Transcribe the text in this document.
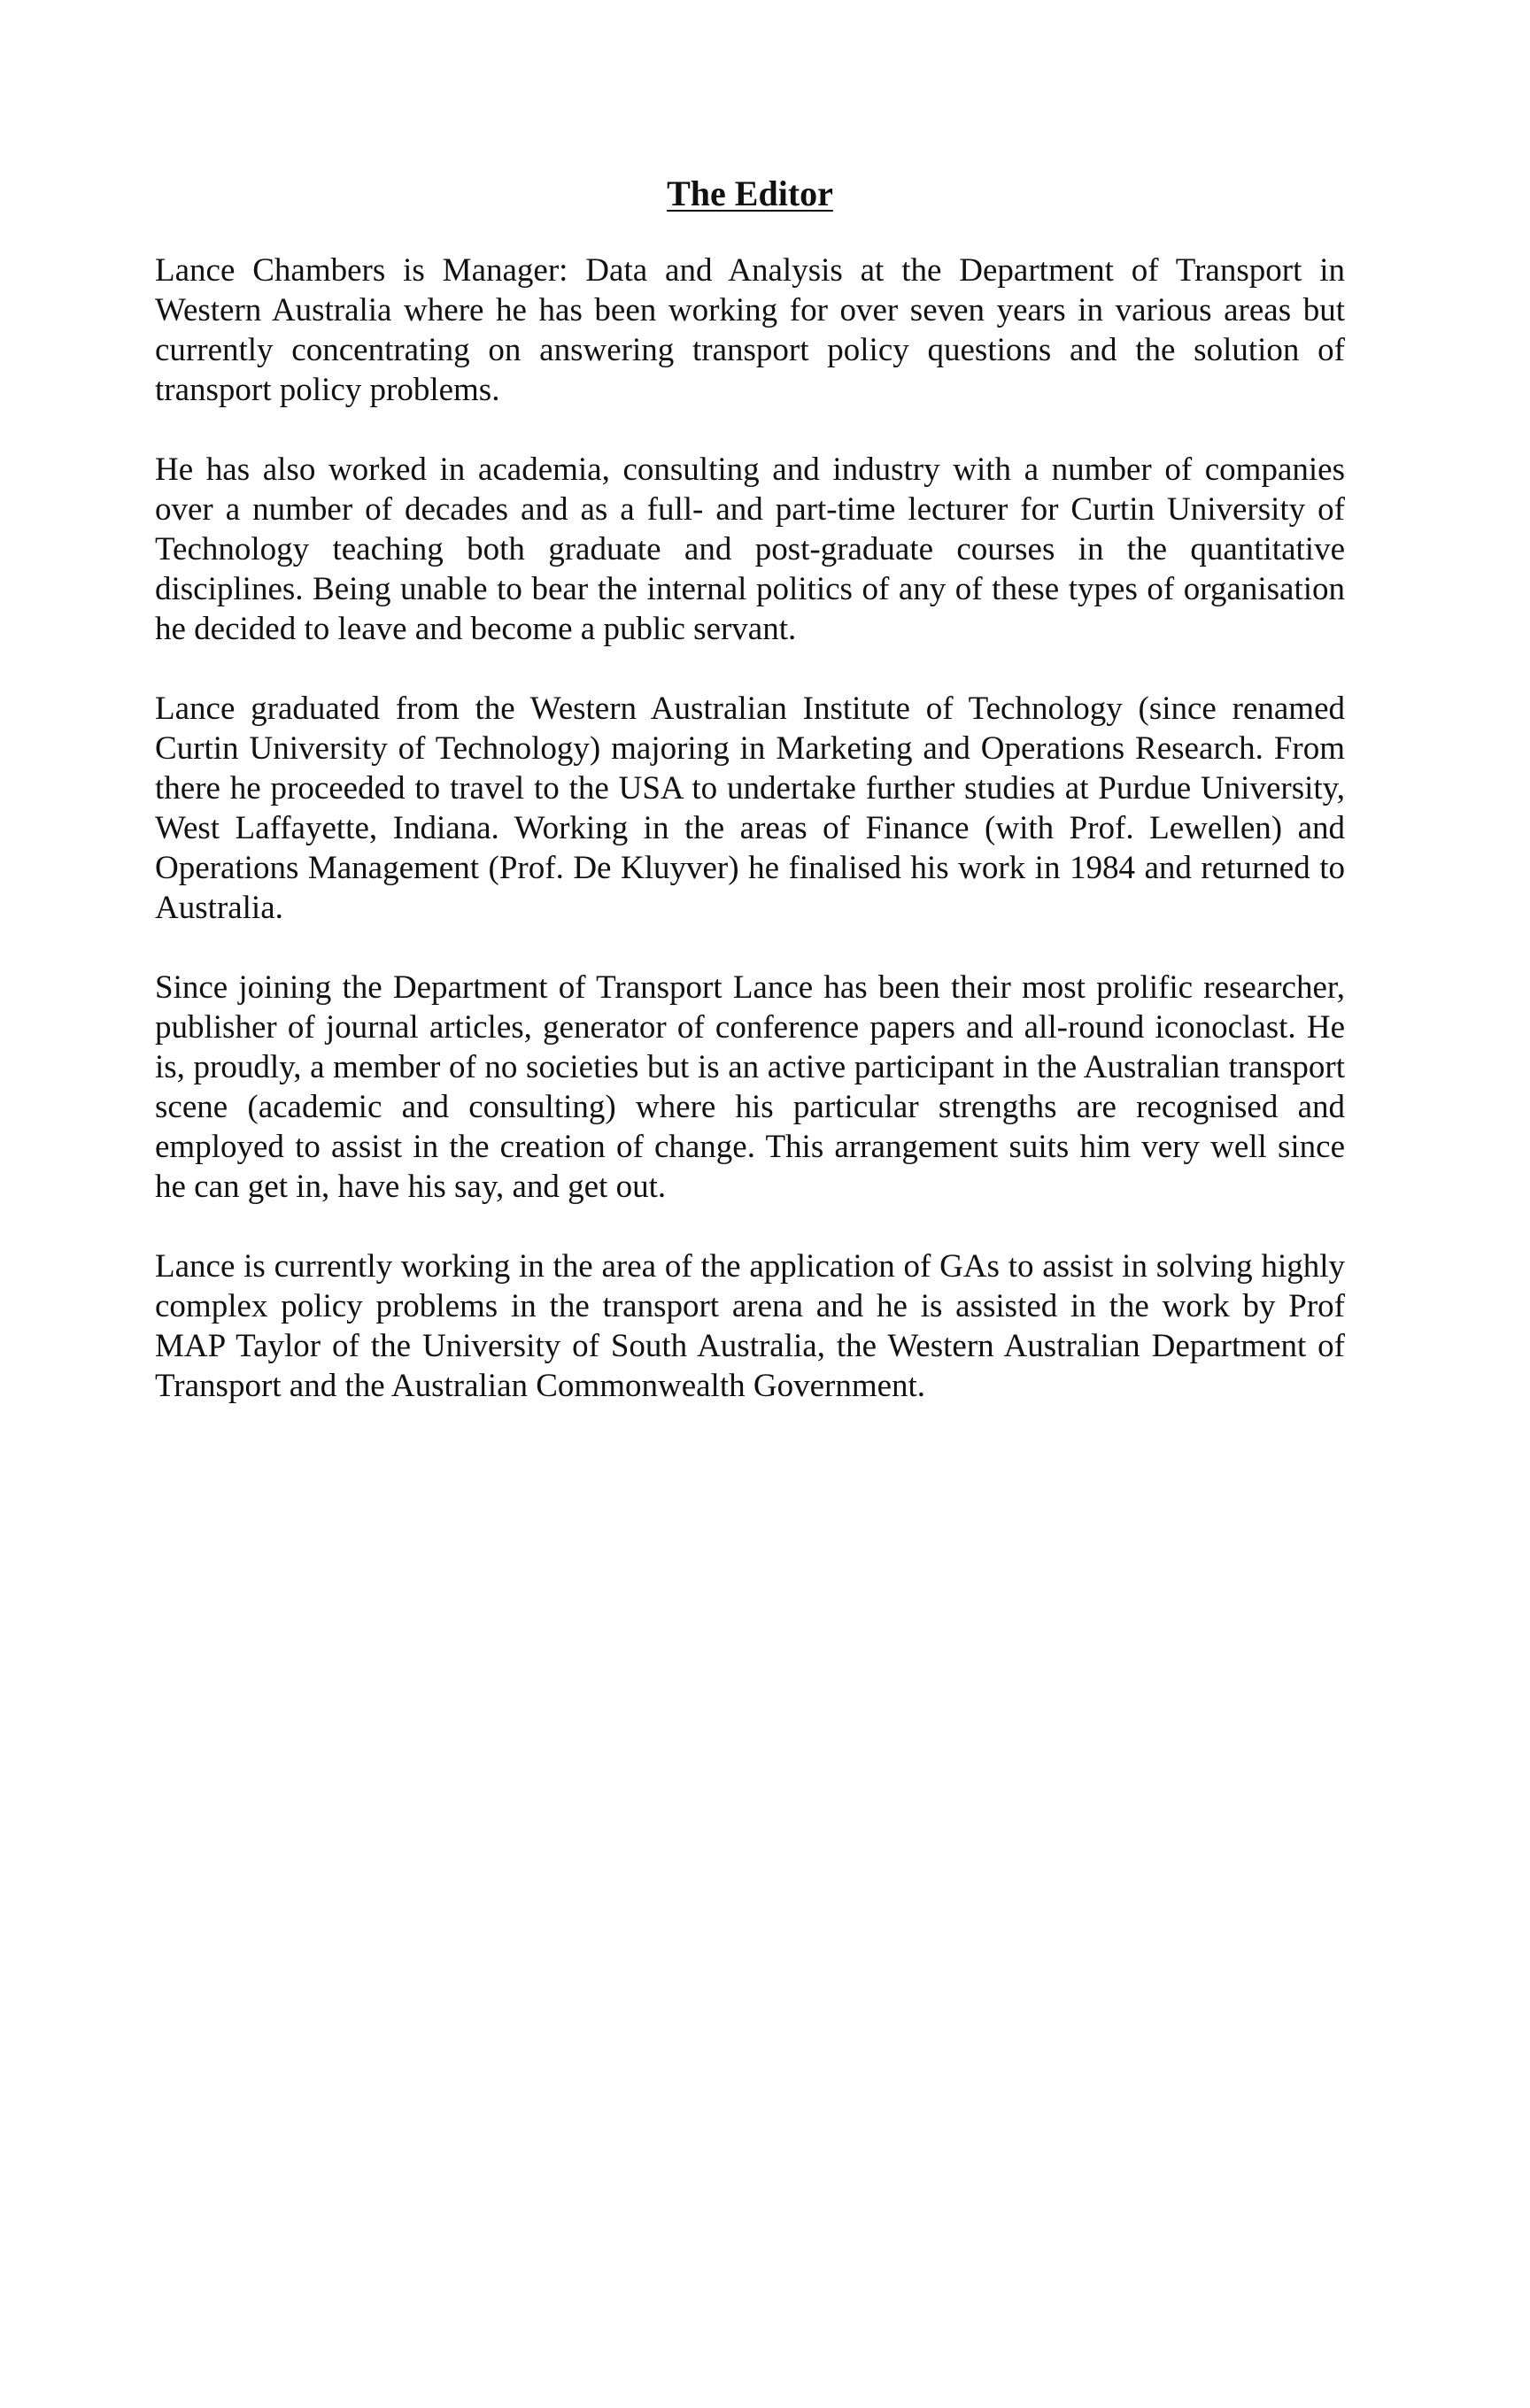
The Editor

Lance Chambers is Manager: Data and Analysis at the Department of Transport in Western Australia where he has been working for over seven years in various areas but currently concentrating on answering transport policy questions and the solution of transport policy problems.

He has also worked in academia, consulting and industry with a number of companies over a number of decades and as a full- and part-time lecturer for Curtin University of Technology teaching both graduate and post-graduate courses in the quantitative disciplines. Being unable to bear the internal politics of any of these types of organisation he decided to leave and become a public servant.

Lance graduated from the Western Australian Institute of Technology (since renamed Curtin University of Technology) majoring in Marketing and Operations Research. From there he proceeded to travel to the USA to undertake further studies at Purdue University, West Laffayette, Indiana. Working in the areas of Finance (with Prof. Lewellen) and Operations Management (Prof. De Kluyver) he finalised his work in 1984 and returned to Australia.

Since joining the Department of Transport Lance has been their most prolific researcher, publisher of journal articles, generator of conference papers and all-round iconoclast. He is, proudly, a member of no societies but is an active participant in the Australian transport scene (academic and consulting) where his particular strengths are recognised and employed to assist in the creation of change. This arrangement suits him very well since he can get in, have his say, and get out.

Lance is currently working in the area of the application of GAs to assist in solving highly complex policy problems in the transport arena and he is assisted in the work by Prof MAP Taylor of the University of South Australia, the Western Australian Department of Transport and the Australian Commonwealth Government.
